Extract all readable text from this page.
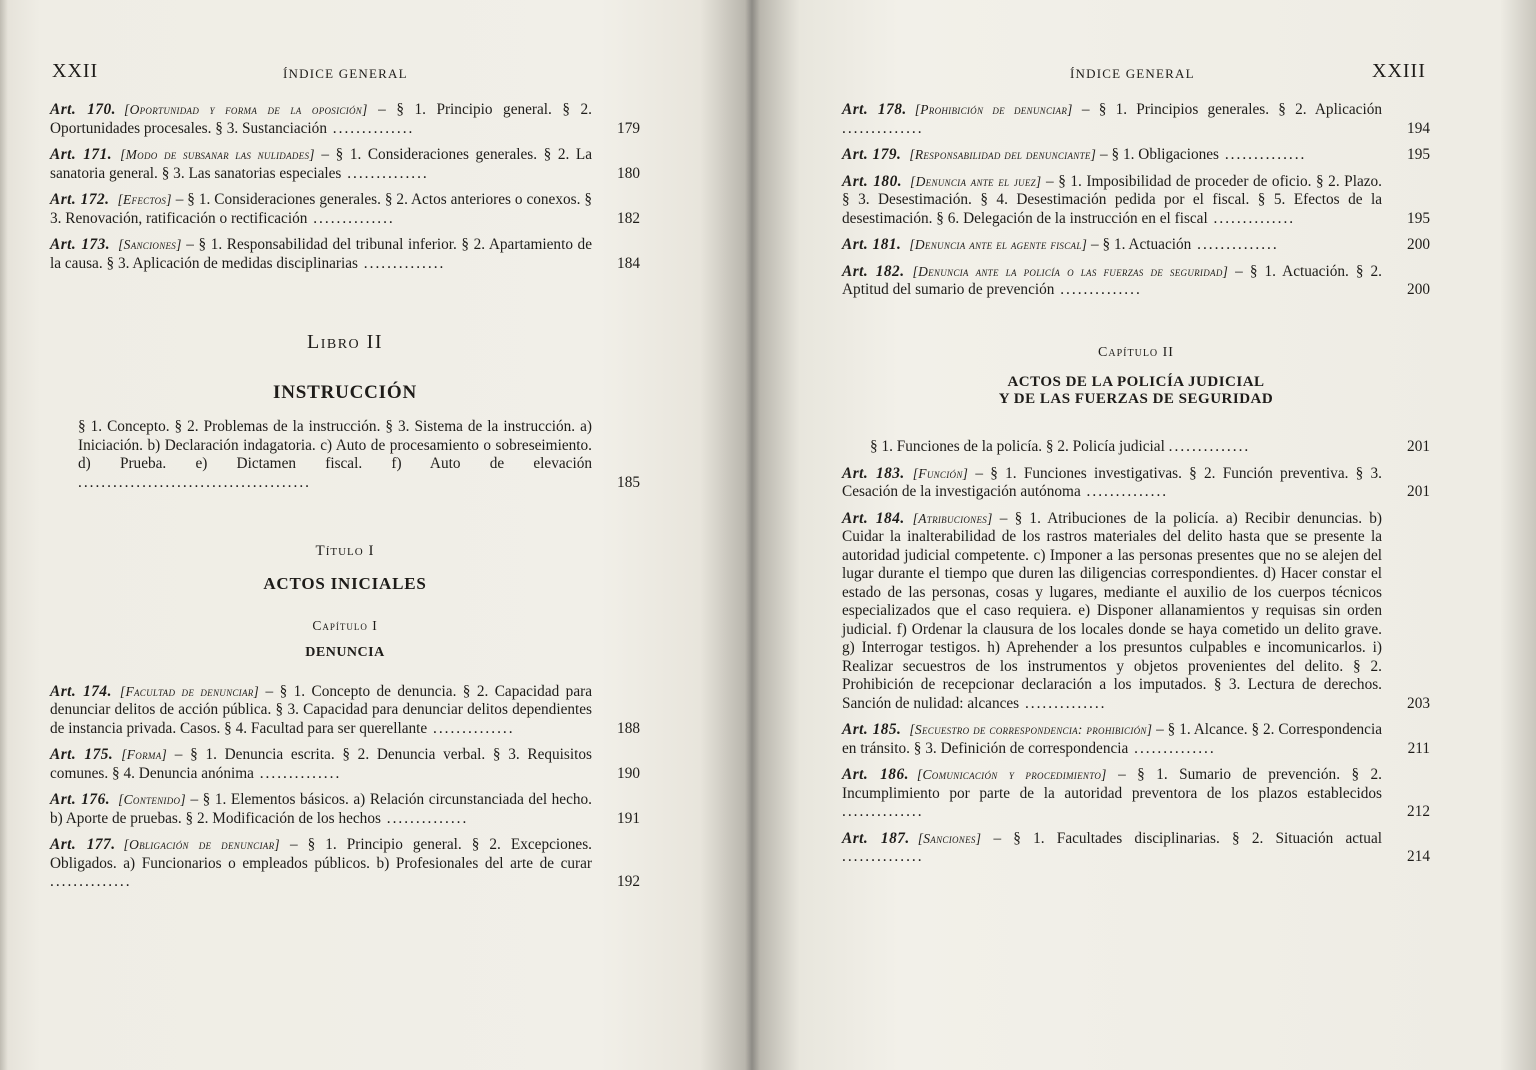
XXII	ÍNDICE GENERAL
Art. 170. [Oportunidad y forma de la oposición] – § 1. Principio general. § 2. Oportunidades procesales. § 3. Sustanciación ..............	179
Art. 171. [Modo de subsanar las nulidades] – § 1. Consideraciones generales. § 2. La sanatoria general. § 3. Las sanatorias especiales ..............	180
Art. 172. [Efectos] – § 1. Consideraciones generales. § 2. Actos anteriores o conexos. § 3. Renovación, ratificación o rectificación ..............	182
Art. 173. [Sanciones] – § 1. Responsabilidad del tribunal inferior. § 2. Apartamiento de la causa. § 3. Aplicación de medidas disciplinarias ..............	184

Libro II

INSTRUCCIÓN

§ 1. Concepto. § 2. Problemas de la instrucción. § 3. Sistema de la instrucción. a) Iniciación. b) Declaración indagatoria. c) Auto de procesamiento o sobreseimiento. d) Prueba. e) Dictamen fiscal. f) Auto de elevación ........................................	185

Título I

ACTOS INICIALES

Capítulo I

DENUNCIA

Art. 174. [Facultad de denunciar] – § 1. Concepto de denuncia. § 2. Capacidad para denunciar delitos de acción pública. § 3. Capacidad para denunciar delitos dependientes de instancia privada. Casos. § 4. Facultad para ser querellante ..............	188
Art. 175. [Forma] – § 1. Denuncia escrita. § 2. Denuncia verbal. § 3. Requisitos comunes. § 4. Denuncia anónima ..............	190
Art. 176. [Contenido] – § 1. Elementos básicos. a) Relación circunstanciada del hecho. b) Aporte de pruebas. § 2. Modificación de los hechos ..............	191
Art. 177. [Obligación de denunciar] – § 1. Principio general. § 2. Excepciones. Obligados. a) Funcionarios o empleados públicos. b) Profesionales del arte de curar ..............	192
ÍNDICE GENERAL	XXIII
Art. 178. [Prohibición de denunciar] – § 1. Principios generales. § 2. Aplicación ..............	194
Art. 179. [Responsabilidad del denunciante] – § 1. Obligaciones ..............	195
Art. 180. [Denuncia ante el juez] – § 1. Imposibilidad de proceder de oficio. § 2. Plazo. § 3. Desestimación. § 4. Desestimación pedida por el fiscal. § 5. Efectos de la desestimación. § 6. Delegación de la instrucción en el fiscal ..............	195
Art. 181. [Denuncia ante el agente fiscal] – § 1. Actuación ..............	200
Art. 182. [Denuncia ante la policía o las fuerzas de seguridad] – § 1. Actuación. § 2. Aptitud del sumario de prevención ..............	200

Capítulo II

ACTOS DE LA POLICÍA JUDICIAL

Y DE LAS FUERZAS DE SEGURIDAD

§ 1. Funciones de la policía. § 2. Policía judicial ..............	201
Art. 183. [Función] – § 1. Funciones investigativas. § 2. Función preventiva. § 3. Cesación de la investigación autónoma ..............	201
Art. 184. [Atribuciones] – § 1. Atribuciones de la policía. a) Recibir denuncias. b) Cuidar la inalterabilidad de los rastros materiales del delito hasta que se presente la autoridad judicial competente. c) Imponer a las personas presentes que no se alejen del lugar durante el tiempo que duren las diligencias correspondientes. d) Hacer constar el estado de las personas, cosas y lugares, mediante el auxilio de los cuerpos técnicos especializados que el caso requiera. e) Disponer allanamientos y requisas sin orden judicial. f) Ordenar la clausura de los locales donde se haya cometido un delito grave. g) Interrogar testigos. h) Aprehender a los presuntos culpables e incomunicarlos. i) Realizar secuestros de los instrumentos y objetos provenientes del delito. § 2. Prohibición de recepcionar declaración a los imputados. § 3. Lectura de derechos. Sanción de nulidad: alcances ..............	203
Art. 185. [Secuestro de correspondencia: prohibición] – § 1. Alcance. § 2. Correspondencia en tránsito. § 3. Definición de correspondencia ..............	211
Art. 186. [Comunicación y procedimiento] – § 1. Sumario de prevención. § 2. Incumplimiento por parte de la autoridad preventora de los plazos establecidos ..............	212
Art. 187. [Sanciones] – § 1. Facultades disciplinarias. § 2. Situación actual ..............	214
